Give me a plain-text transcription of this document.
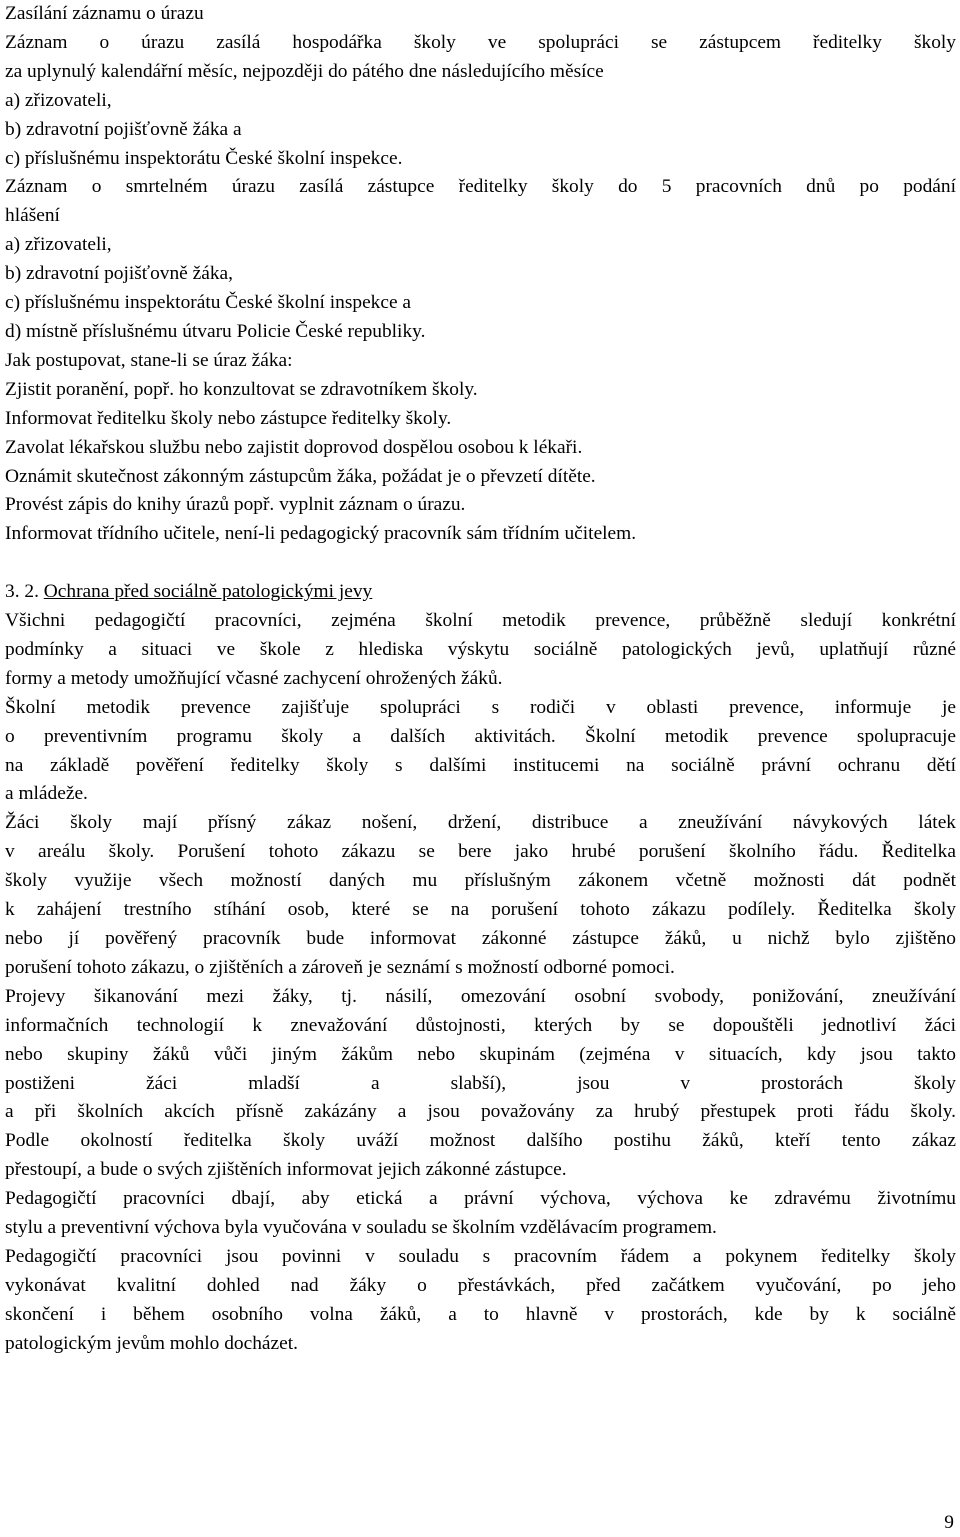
Zasílání záznamu o úrazu
Záznam o úrazu zasílá hospodářka školy ve spolupráci se zástupcem ředitelky školy
za uplynulý kalendářní měsíc, nejpozději do pátého dne následujícího měsíce
a) zřizovateli,
b) zdravotní pojišťovně žáka a
c) příslušnému inspektorátu České školní inspekce.
Záznam o smrtelném úrazu zasílá zástupce ředitelky školy do 5 pracovních dnů po podání
hlášení
a) zřizovateli,
b) zdravotní pojišťovně žáka,
c) příslušnému inspektorátu České školní inspekce a
d) místně příslušnému útvaru Policie České republiky.
Jak postupovat, stane-li se úraz žáka:
Zjistit poranění, popř. ho konzultovat se zdravotníkem školy.
Informovat ředitelku školy nebo zástupce ředitelky školy.
Zavolat lékařskou službu nebo zajistit doprovod dospělou osobou k lékaři.
Oznámit skutečnost zákonným zástupcům žáka, požádat je o převzetí dítěte.
Provést zápis do knihy úrazů popř. vyplnit záznam o úrazu.
Informovat třídního učitele, není-li pedagogický pracovník sám třídním učitelem.
3. 2. Ochrana před sociálně patologickými jevy
Všichni pedagogičtí pracovníci, zejména školní metodik prevence, průběžně sledují konkrétní
podmínky a situaci ve škole z hlediska výskytu sociálně patologických jevů, uplatňují různé
formy a metody umožňující včasné zachycení ohrožených žáků.
Školní metodik prevence zajišťuje spolupráci s rodiči v oblasti prevence, informuje je
o preventivním programu školy a dalších aktivitách. Školní metodik prevence spolupracuje
na základě pověření ředitelky školy s dalšími institucemi na sociálně právní ochranu dětí
a mládeže.
Žáci školy mají přísný zákaz nošení, držení, distribuce a zneužívání návykových látek
v areálu školy. Porušení tohoto zákazu se bere jako hrubé porušení školního řádu. Ředitelka
školy využije všech možností daných mu příslušným zákonem včetně možnosti dát podnět
k zahájení trestního stíhání osob, které se na porušení tohoto zákazu podílely. Ředitelka školy
nebo jí pověřený pracovník bude informovat zákonné zástupce žáků, u nichž bylo zjištěno
porušení tohoto zákazu, o zjištěních a zároveň je seznámí s možností odborné pomoci.
Projevy šikanování mezi žáky, tj. násilí, omezování osobní svobody, ponižování, zneužívání
informačních technologií k znevažování důstojnosti, kterých by se dopouštěli jednotliví žáci
nebo skupiny žáků vůči jiným žákům nebo skupinám (zejména v situacích, kdy jsou takto
postiženi žáci mladší a slabší), jsou v prostorách školy
a při školních akcích přísně zakázány a jsou považovány za hrubý přestupek proti řádu školy.
Podle okolností ředitelka školy uváží možnost dalšího postihu žáků, kteří tento zákaz
přestoupí, a bude o svých zjištěních informovat jejich zákonné zástupce.
Pedagogičtí pracovníci dbají, aby etická a právní výchova, výchova ke zdravému životnímu
stylu a preventivní výchova byla vyučována v souladu se školním vzdělávacím programem.
Pedagogičtí pracovníci jsou povinni v souladu s pracovním řádem a pokynem ředitelky školy
vykonávat kvalitní dohled nad žáky o přestávkách, před začátkem vyučování, po jeho
skončení i během osobního volna žáků, a to hlavně v prostorách, kde by k sociálně
patologickým jevům mohlo docházet.
9
